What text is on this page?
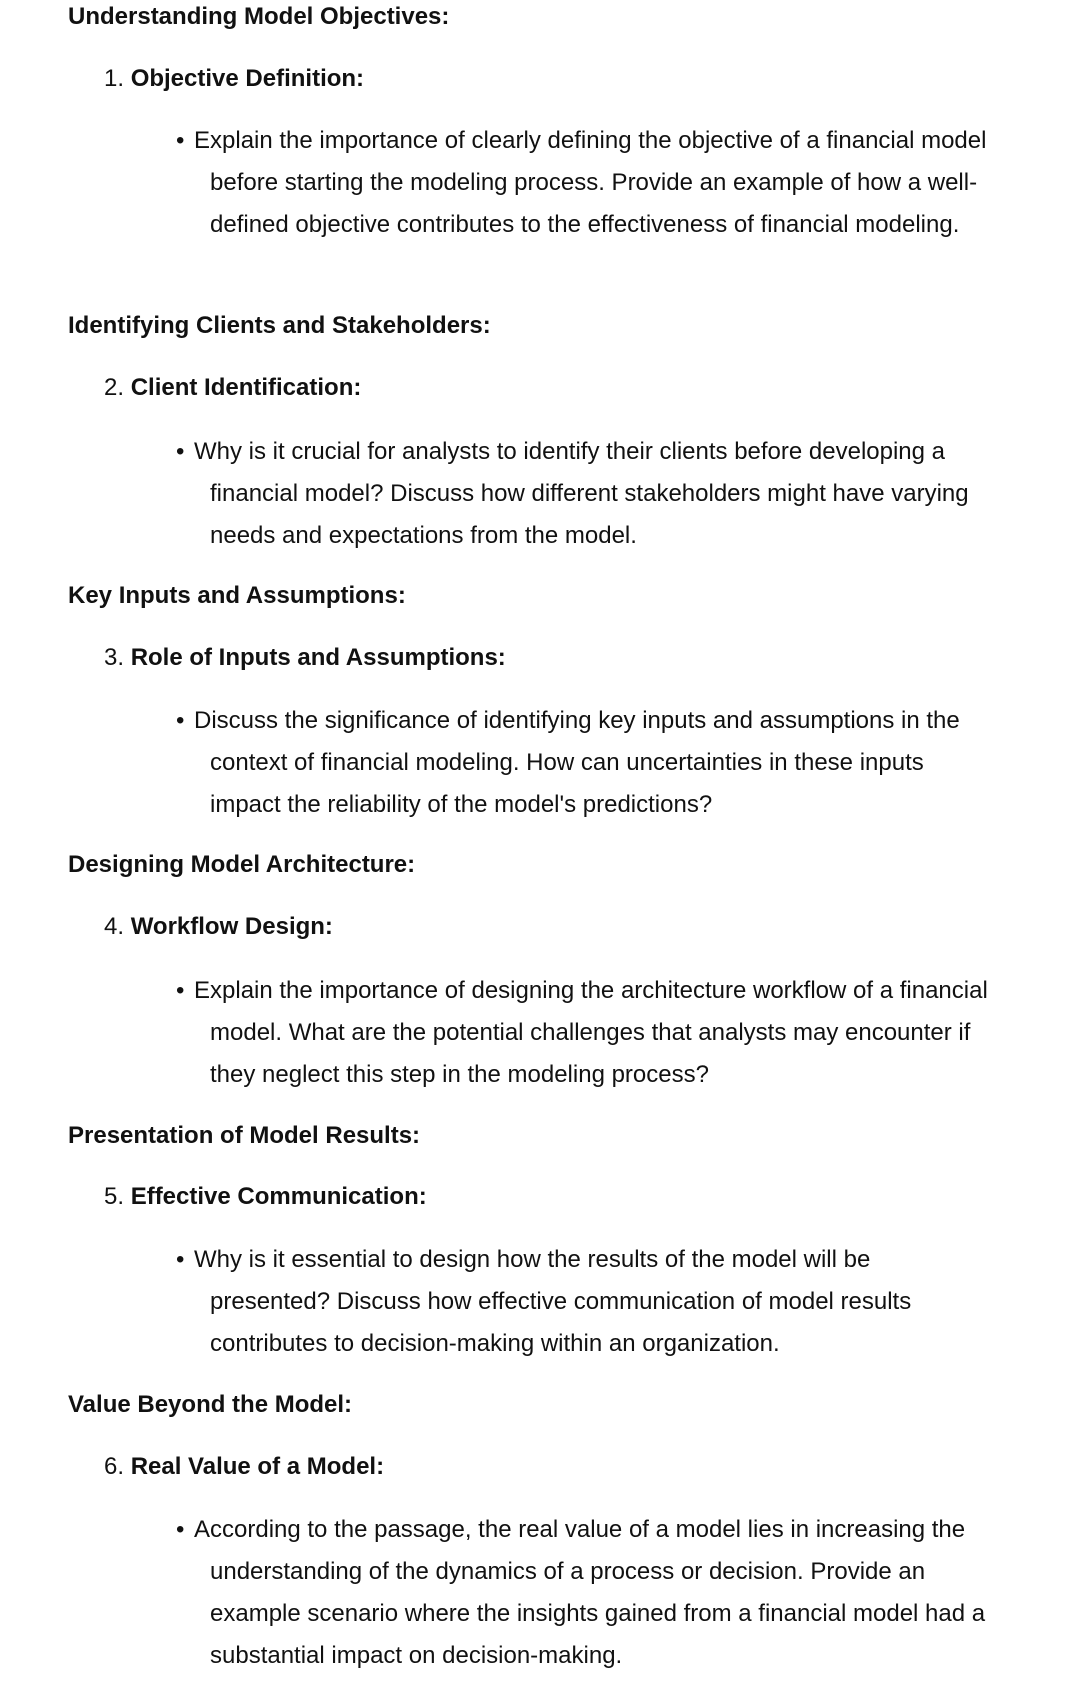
Understanding Model Objectives:
1. Objective Definition:
• Explain the importance of clearly defining the objective of a financial model before starting the modeling process. Provide an example of how a well-defined objective contributes to the effectiveness of financial modeling.
Identifying Clients and Stakeholders:
2. Client Identification:
• Why is it crucial for analysts to identify their clients before developing a financial model? Discuss how different stakeholders might have varying needs and expectations from the model.
Key Inputs and Assumptions:
3. Role of Inputs and Assumptions:
• Discuss the significance of identifying key inputs and assumptions in the context of financial modeling. How can uncertainties in these inputs impact the reliability of the model's predictions?
Designing Model Architecture:
4. Workflow Design:
• Explain the importance of designing the architecture workflow of a financial model. What are the potential challenges that analysts may encounter if they neglect this step in the modeling process?
Presentation of Model Results:
5. Effective Communication:
• Why is it essential to design how the results of the model will be presented? Discuss how effective communication of model results contributes to decision-making within an organization.
Value Beyond the Model:
6. Real Value of a Model:
• According to the passage, the real value of a model lies in increasing the understanding of the dynamics of a process or decision. Provide an example scenario where the insights gained from a financial model had a substantial impact on decision-making.
